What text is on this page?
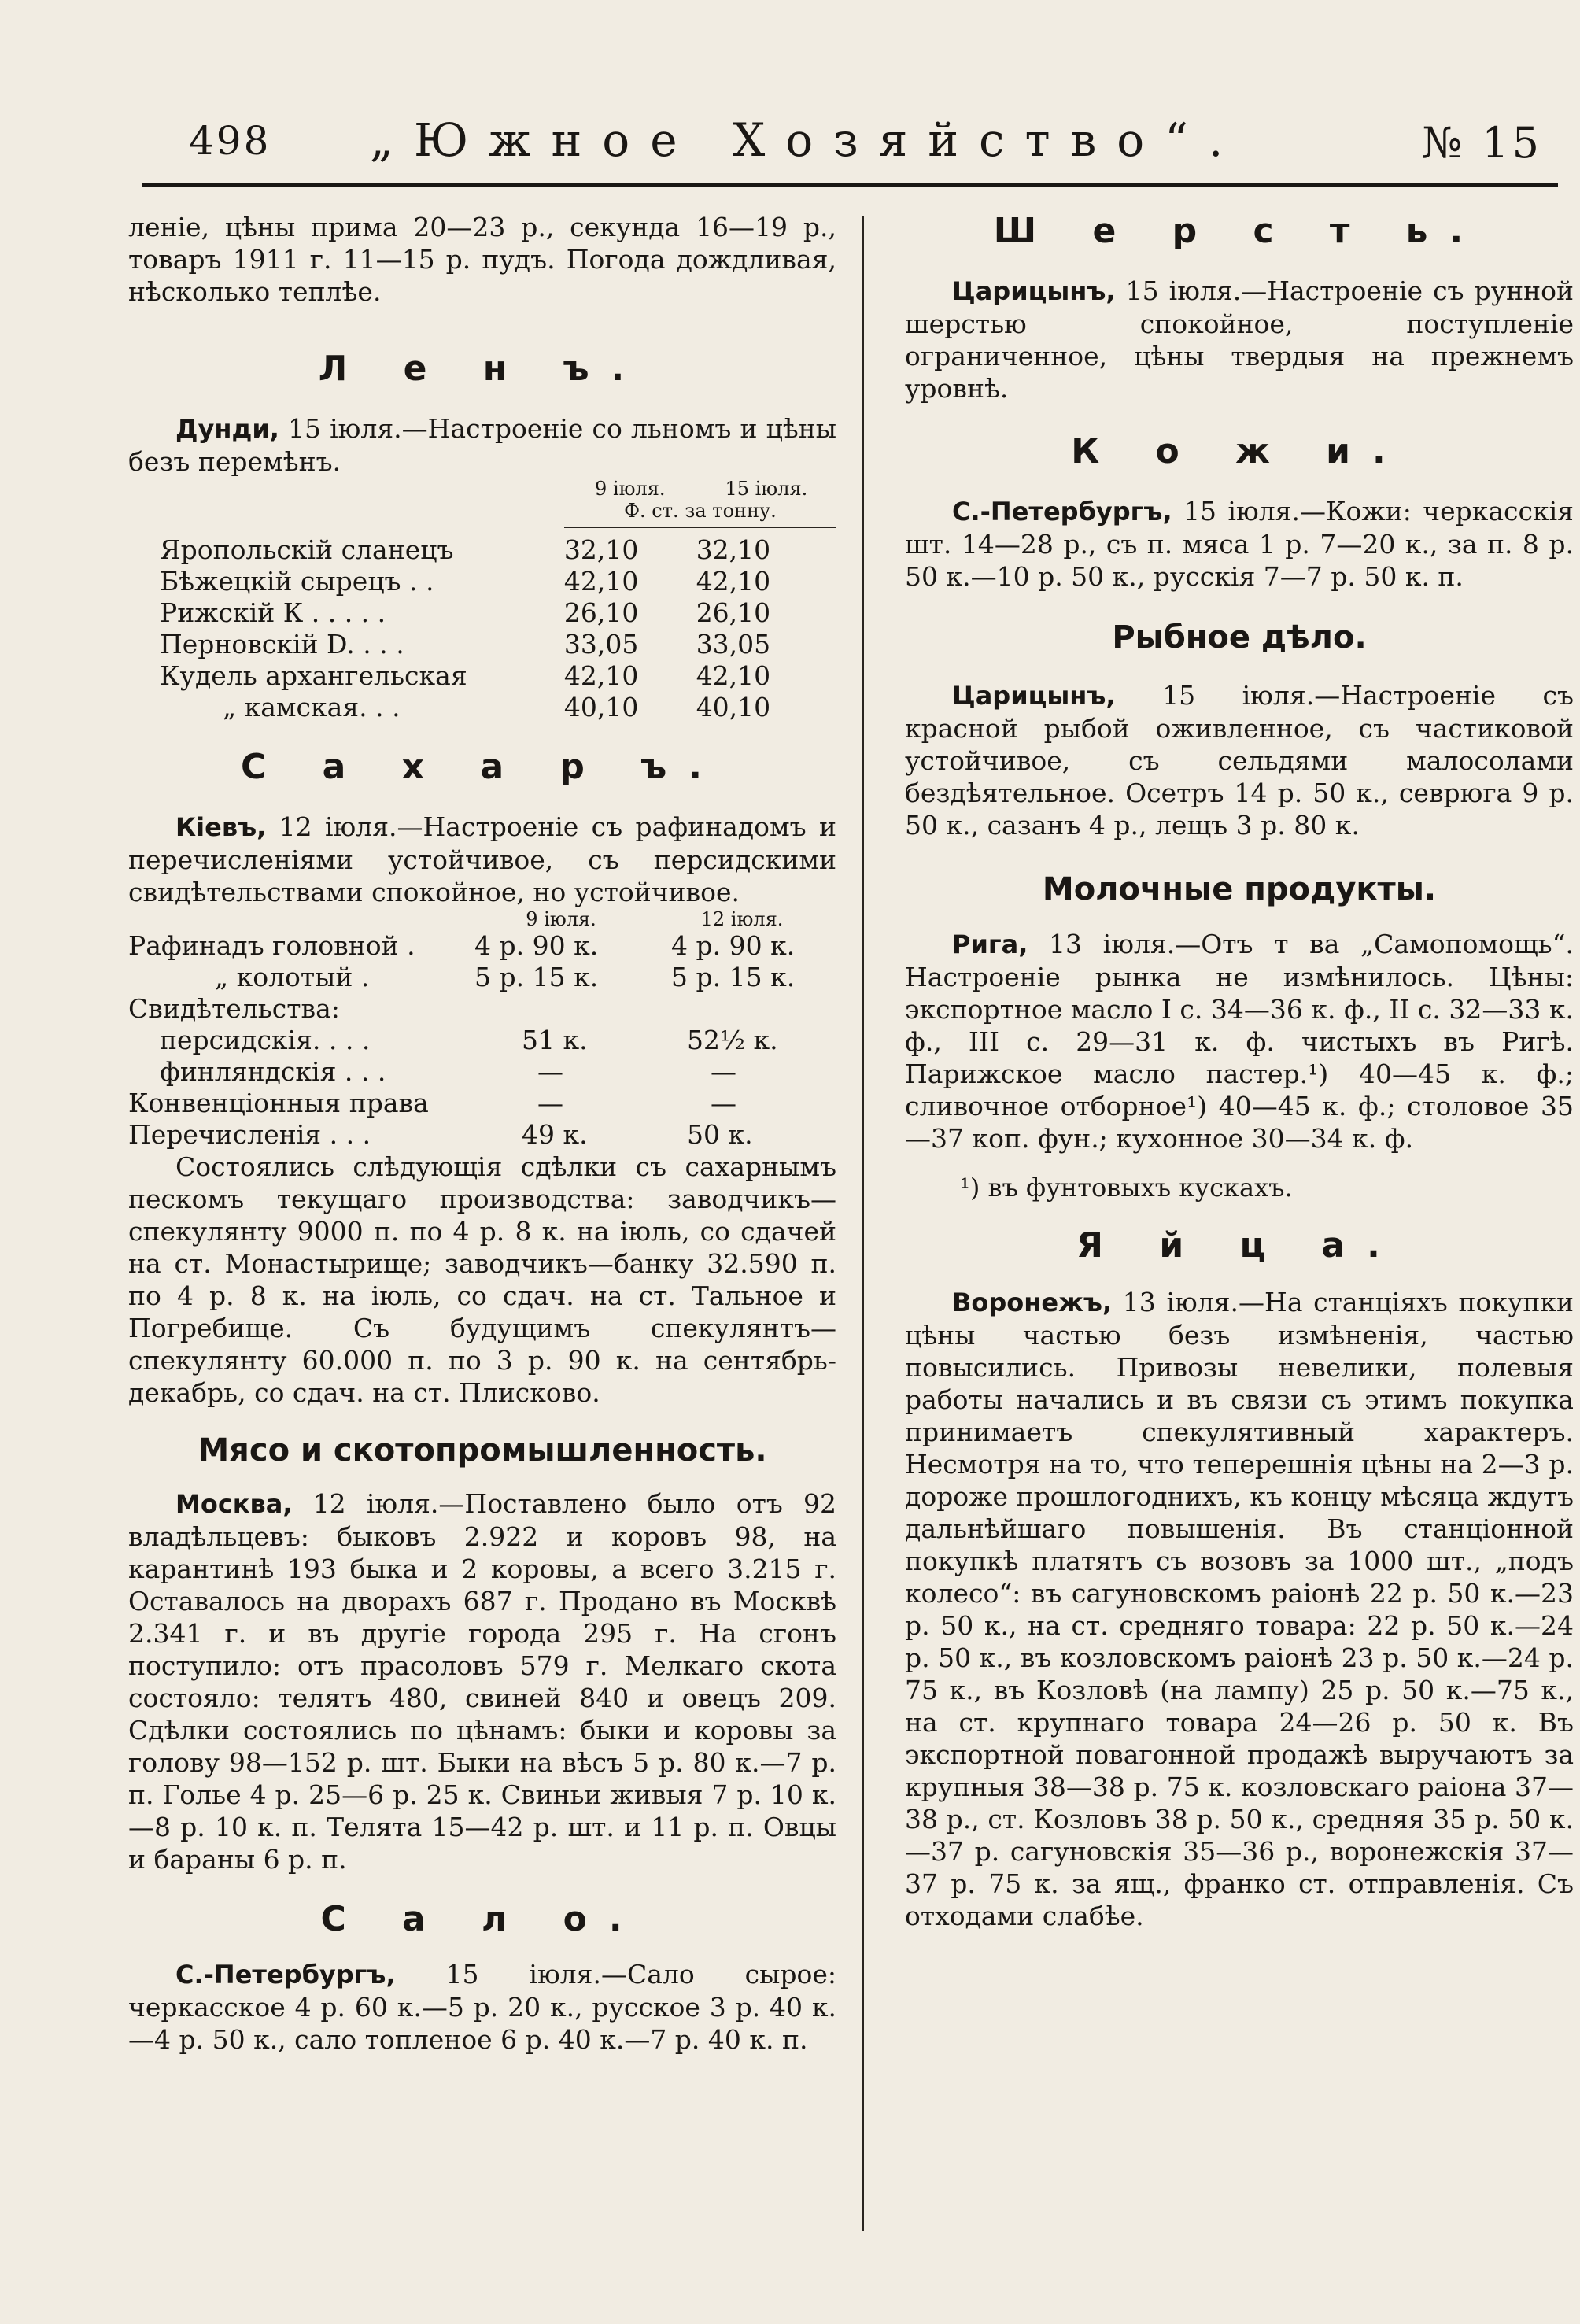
498 „Южное Хозяйство“.	№ 15

леніе, цѣны прима 20—23 р., секунда 16—19 р., товаръ 1911 г. 11—15 р. пудъ. Погода дождливая, нѣсколько теплѣе.

Л е н ъ.

Дунди, 15 іюля.—Настроеніе со льномъ и цѣны безъ перемѣнъ.

	9 іюля.	15 іюля.
	Ф. ст. за тонну.	

Яропольскій сланецъ	32,10	32,10
Бѣжецкій сырецъ . .	42,10	42,10
Рижскій К . . . . .	26,10	26,10
Перновскій D. . . .	33,05	33,05
Кудель архангельская	42,10	42,10
„ камская. . .	40,10	40,10

С а х а р ъ.

Кіевъ, 12 іюля.—Настроеніе съ рафинадомъ и перечисленіями устойчивое, съ персидскими свидѣтельствами спокойное, но устойчивое.

	9 іюля.	12 іюля.
Рафинадъ головной .	4 р. 90 к.	4 р. 90 к.
„ колотый .	5 р. 15 к.	5 р. 15 к.
Свидѣтельства:		
персидскія. . . .	51 к.	52½ к.
финляндскія . . .	—	—
Конвенціонныя права	—	—
Перечисленія . . .	49 к.	50 к.

Состоялись слѣдующія сдѣлки съ сахарнымъ пескомъ текущаго производства: заводчикъ—спекулянту 9000 п. по 4 р. 8 к. на іюль, со сдачей на ст. Монастырище; заводчикъ—банку 32.590 п. по 4 р. 8 к. на іюль, со сдач. на ст. Тальное и Погребище. Съ будущимъ спекулянтъ—спекулянту 60.000 п. по 3 р. 90 к. на сентябрь-декабрь, со сдач. на ст. Плисково.

Мясо и скотопромышленность.

Москва, 12 іюля.—Поставлено было отъ 92 владѣльцевъ: быковъ 2.922 и коровъ 98, на карантинѣ 193 быка и 2 коровы, а всего 3.215 г. Оставалось на дворахъ 687 г. Продано въ Москвѣ 2.341 г. и въ другіе города 295 г. На сгонъ поступило: отъ прасоловъ 579 г. Мелкаго скота состояло: телятъ 480, свиней 840 и овецъ 209. Сдѣлки состоялись по цѣнамъ: быки и коровы за голову 98—152 р. шт. Быки на вѣсъ 5 р. 80 к.—7 р. п. Голье 4 р. 25—6 р. 25 к. Свиньи живыя 7 р. 10 к.—8 р. 10 к. п. Телята 15—42 р. шт. и 11 р. п. Овцы и бараны 6 р. п.

С а л о.

С.-Петербургъ, 15 іюля.—Сало сырое: черкасское 4 р. 60 к.—5 р. 20 к., русское 3 р. 40 к.—4 р. 50 к., сало топленое 6 р. 40 к.—7 р. 40 к. п.

Ш е р с т ь.

Царицынъ, 15 іюля.—Настроеніе съ рунной шерстью спокойное, поступленіе ограниченное, цѣны твердыя на прежнемъ уровнѣ.

К о ж и.

С.-Петербургъ, 15 іюля.—Кожи: черкасскія шт. 14—28 р., съ п. мяса 1 р. 7—20 к., за п. 8 р. 50 к.—10 р. 50 к., русскія 7—7 р. 50 к. п.

Рыбное дѣло.

Царицынъ, 15 іюля.—Настроеніе съ красной рыбой оживленное, съ частиковой устойчивое, съ сельдями малосолами бездѣятельное. Осетръ 14 р. 50 к., севрюга 9 р. 50 к., сазанъ 4 р., лещъ 3 р. 80 к.

Молочные продукты.

Рига, 13 іюля.—Отъ т ва „Самопомощь“. Настроеніе рынка не измѣнилось. Цѣны: экспортное масло I с. 34—36 к. ф., II с. 32—33 к. ф., III с. 29—31 к. ф. чистыхъ въ Ригѣ. Парижское масло пастер.¹) 40—45 к. ф.; сливочное отборное¹) 40—45 к. ф.; столовое 35—37 коп. фун.; кухонное 30—34 к. ф.

¹) въ фунтовыхъ кускахъ.

Я й ц а.

Воронежъ, 13 іюля.—На станціяхъ покупки цѣны частью безъ измѣненія, частью повысились. Привозы невелики, полевыя работы начались и въ связи съ этимъ покупка принимаетъ спекулятивный характеръ. Несмотря на то, что теперешнія цѣны на 2—3 р. дороже прошлогоднихъ, къ концу мѣсяца ждутъ дальнѣйшаго повышенія. Въ станціонной покупкѣ платятъ съ возовъ за 1000 шт., „подъ колесо“: въ сагуновскомъ раіонѣ 22 р. 50 к.—23 р. 50 к., на ст. средняго товара: 22 р. 50 к.—24 р. 50 к., въ козловскомъ раіонѣ 23 р. 50 к.—24 р. 75 к., въ Козловѣ (на лампу) 25 р. 50 к.—75 к., на ст. крупнаго товара 24—26 р. 50 к. Въ экспортной повагонной продажѣ выручаютъ за крупныя 38—38 р. 75 к. козловскаго раіона 37—38 р., ст. Козловъ 38 р. 50 к., средняя 35 р. 50 к.—37 р. сагуновскія 35—36 р., воронежскія 37—37 р. 75 к. за ящ., франко ст. отправленія. Съ отходами слабѣе.
